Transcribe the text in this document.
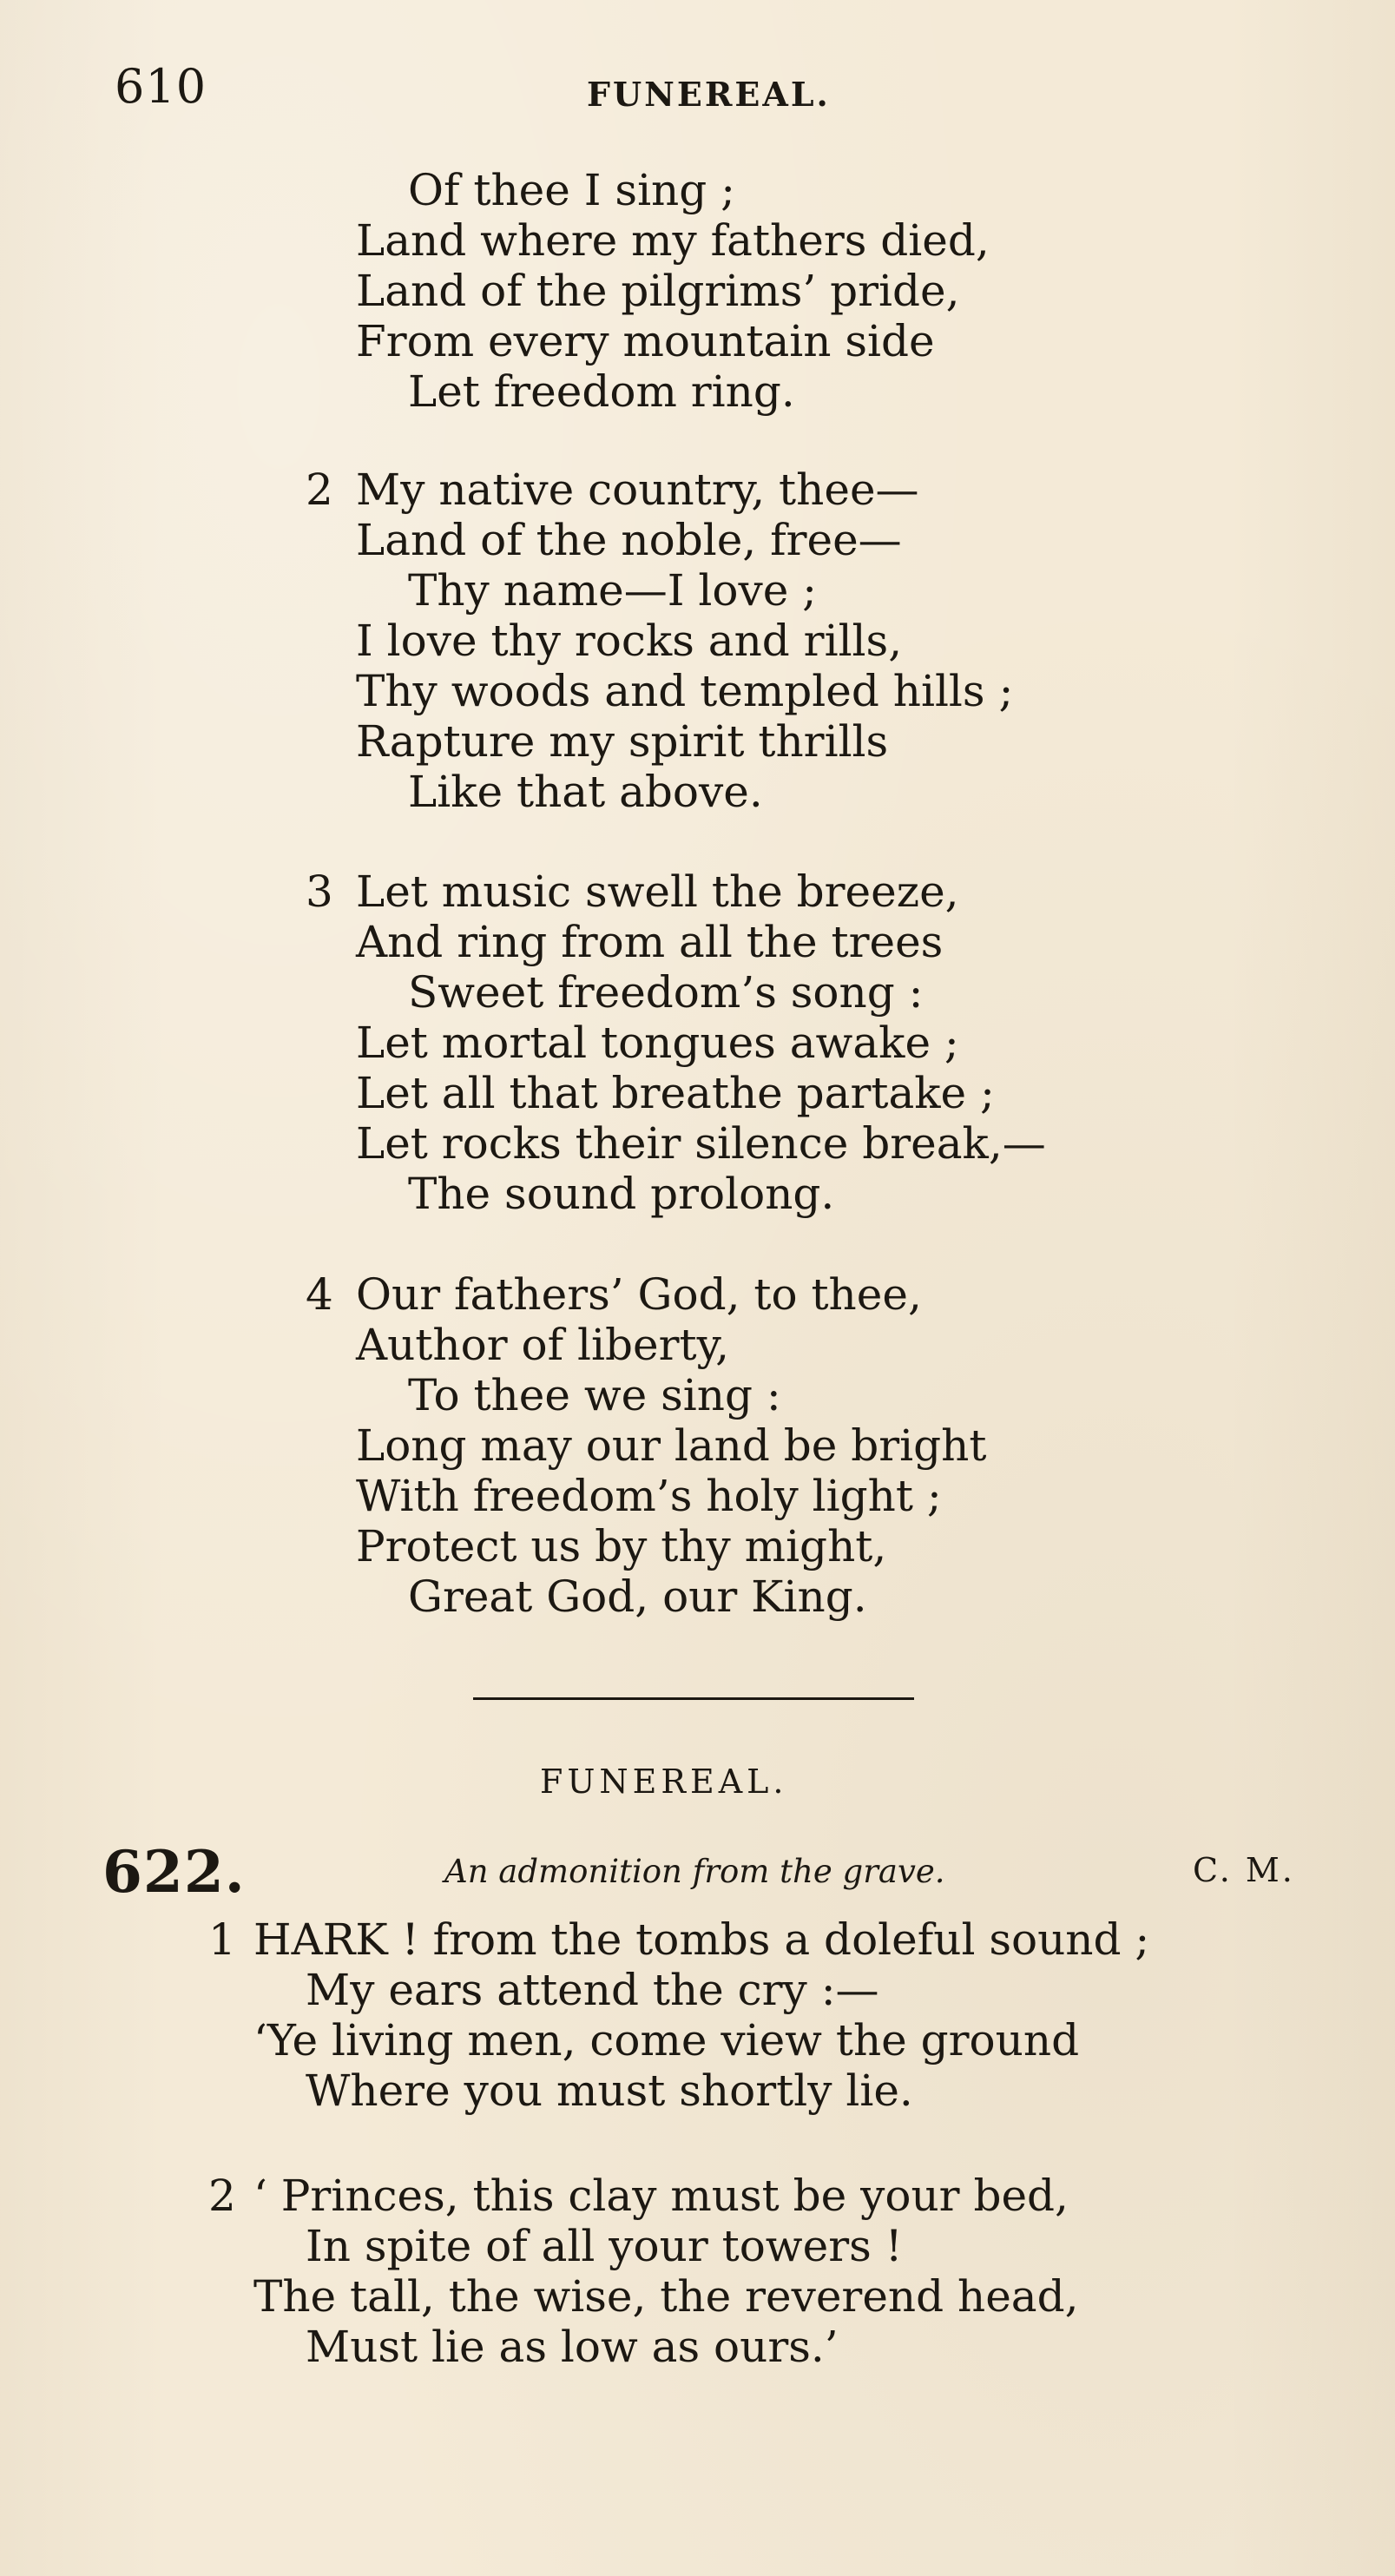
610	FUNEREAL.
Of thee I sing ;
Land where my fathers died,
Land of the pilgrims’ pride,
From every mountain side
Let freedom ring.
2 My native country, thee—
Land of the noble, free—
Thy name—I love ;
I love thy rocks and rills,
Thy woods and templed hills ;
Rapture my spirit thrills
Like that above.
3 Let music swell the breeze,
And ring from all the trees
Sweet freedom’s song :
Let mortal tongues awake ;
Let all that breathe partake ;
Let rocks their silence break,—
The sound prolong.
4 Our fathers’ God, to thee,
Author of liberty,
To thee we sing :
Long may our land be bright
With freedom’s holy light ;
Protect us by thy might,
Great God, our King.
FUNEREAL.
622.	An admonition from the grave.	C. M.
1 HARK ! from the tombs a doleful sound ;
My ears attend the cry :—
‘Ye living men, come view the ground
Where you must shortly lie.
2 ‘ Princes, this clay must be your bed,
In spite of all your towers !
The tall, the wise, the reverend head,
Must lie as low as ours.’
